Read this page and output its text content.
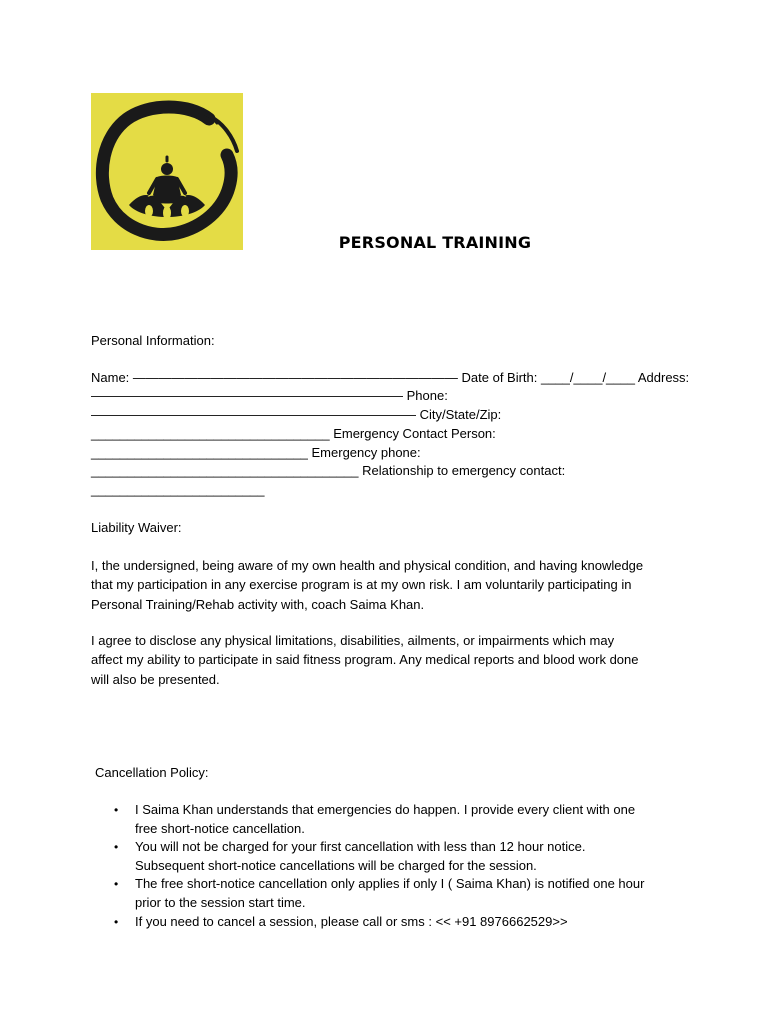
PERSONAL TRAINING
Personal Information:
Name: ————————————————————————— Date of Birth: ____/____/____ Address:
———————————————————————— Phone:
————————————————————————— City/State/Zip:
_________________________________ Emergency Contact Person:
______________________________ Emergency phone:
_____________________________________ Relationship to emergency contact:
________________________
Liability Waiver:
I, the undersigned, being aware of my own health and physical condition, and having knowledge
that my participation in any exercise program is at my own risk. I am voluntarily participating in
Personal Training/Rehab activity with, coach Saima Khan.
I agree to disclose any physical limitations, disabilities, ailments, or impairments which may
affect my ability to participate in said fitness program. Any medical reports and blood work done
will also be presented.
Cancellation Policy:
• I Saima Khan understands that emergencies do happen. I provide every client with one
free short-notice cancellation.
• You will not be charged for your first cancellation with less than 12 hour notice.
Subsequent short-notice cancellations will be charged for the session.
• The free short-notice cancellation only applies if only I ( Saima Khan) is notified one hour
prior to the session start time.
• If you need to cancel a session, please call or sms : << +91 8976662529>>
